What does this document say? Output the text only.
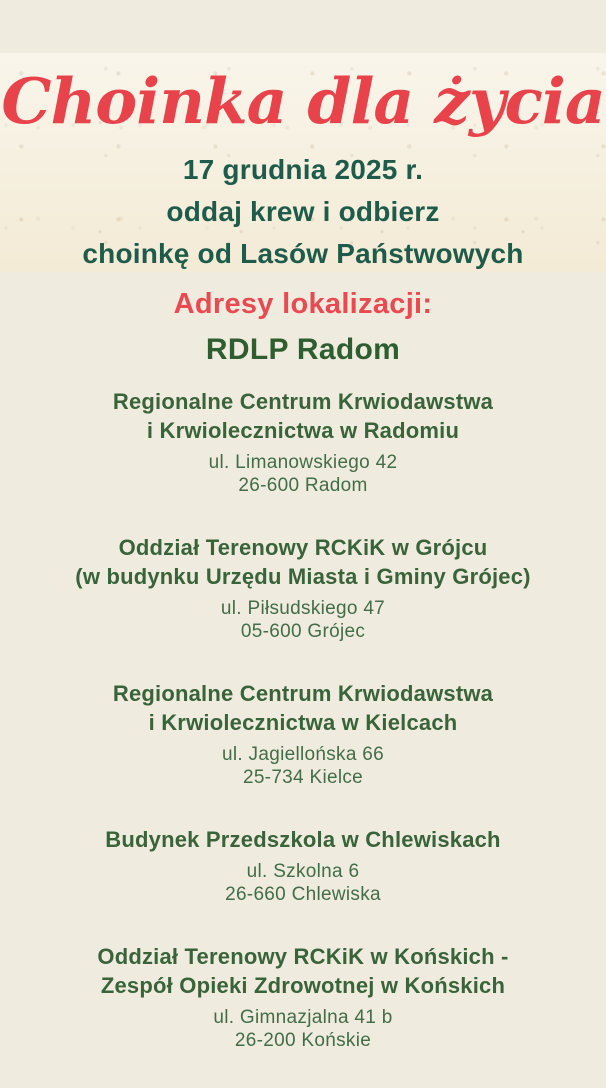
Choinka dla życia
17 grudnia 2025 r.
oddaj krew i odbierz
choinkę od Lasów Państwowych
Adresy lokalizacji:
RDLP Radom
Regionalne Centrum Krwiodawstwa
i Krwiolecznictwa w Radomiu
ul. Limanowskiego 42
26-600 Radom
Oddział Terenowy RCKiK w Grójcu
(w budynku Urzędu Miasta i Gminy Grójec)
ul. Piłsudskiego 47
05-600 Grójec
Regionalne Centrum Krwiodawstwa
i Krwiolecznictwa w Kielcach
ul. Jagiellońska 66
25-734 Kielce
Budynek Przedszkola w Chlewiskach
ul. Szkolna 6
26-660 Chlewiska
Oddział Terenowy RCKiK w Końskich -
Zespół Opieki Zdrowotnej w Końskich
ul. Gimnazjalna 41 b
26-200 Końskie
